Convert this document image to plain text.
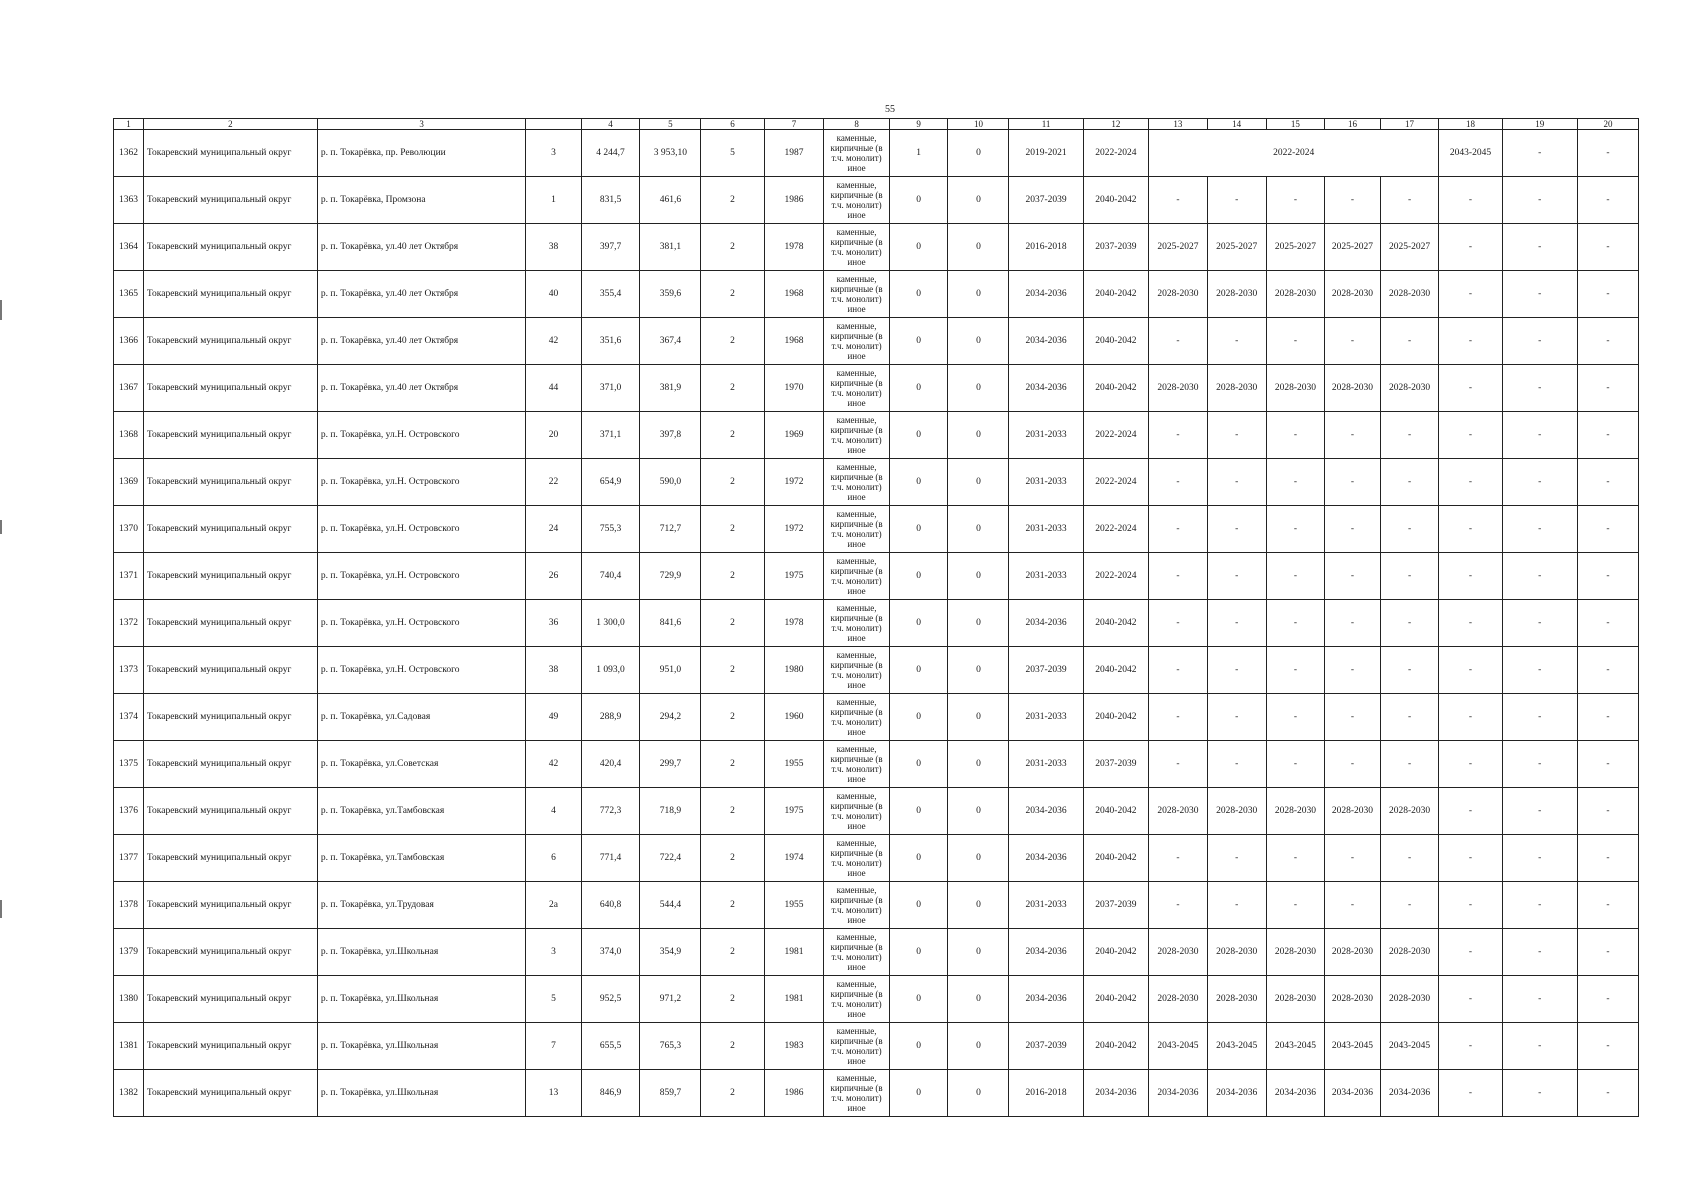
55
1	2	3		4	5	6	7	8	9	10	11	12	13	14	15	16	17	18	19	20
1362	Токаревский муниципальный округ	р. п. Токарёвка, пр. Революции	3	4 244,7	3 953,10	5	1987	каменные, кирпичные (в т.ч. монолит) иное	1	0	2019-2021	2022-2024	2022-2024					2043-2045	-	-
1363	Токаревский муниципальный округ	р. п. Токарёвка, Промзона	1	831,5	461,6	2	1986	каменные, кирпичные (в т.ч. монолит) иное	0	0	2037-2039	2040-2042	-	-	-	-	-	-	-	-
1364	Токаревский муниципальный округ	р. п. Токарёвка, ул.40 лет Октября	38	397,7	381,1	2	1978	каменные, кирпичные (в т.ч. монолит) иное	0	0	2016-2018	2037-2039	2025-2027	2025-2027	2025-2027	2025-2027	2025-2027	-	-	-
1365	Токаревский муниципальный округ	р. п. Токарёвка, ул.40 лет Октября	40	355,4	359,6	2	1968	каменные, кирпичные (в т.ч. монолит) иное	0	0	2034-2036	2040-2042	2028-2030	2028-2030	2028-2030	2028-2030	2028-2030	-	-	-
1366	Токаревский муниципальный округ	р. п. Токарёвка, ул.40 лет Октября	42	351,6	367,4	2	1968	каменные, кирпичные (в т.ч. монолит) иное	0	0	2034-2036	2040-2042	-	-	-	-	-	-	-	-
1367	Токаревский муниципальный округ	р. п. Токарёвка, ул.40 лет Октября	44	371,0	381,9	2	1970	каменные, кирпичные (в т.ч. монолит) иное	0	0	2034-2036	2040-2042	2028-2030	2028-2030	2028-2030	2028-2030	2028-2030	-	-	-
1368	Токаревский муниципальный округ	р. п. Токарёвка, ул.Н. Островского	20	371,1	397,8	2	1969	каменные, кирпичные (в т.ч. монолит) иное	0	0	2031-2033	2022-2024	-	-	-	-	-	-	-	-
1369	Токаревский муниципальный округ	р. п. Токарёвка, ул.Н. Островского	22	654,9	590,0	2	1972	каменные, кирпичные (в т.ч. монолит) иное	0	0	2031-2033	2022-2024	-	-	-	-	-	-	-	-
1370	Токаревский муниципальный округ	р. п. Токарёвка, ул.Н. Островского	24	755,3	712,7	2	1972	каменные, кирпичные (в т.ч. монолит) иное	0	0	2031-2033	2022-2024	-	-	-	-	-	-	-	-
1371	Токаревский муниципальный округ	р. п. Токарёвка, ул.Н. Островского	26	740,4	729,9	2	1975	каменные, кирпичные (в т.ч. монолит) иное	0	0	2031-2033	2022-2024	-	-	-	-	-	-	-	-
1372	Токаревский муниципальный округ	р. п. Токарёвка, ул.Н. Островского	36	1 300,0	841,6	2	1978	каменные, кирпичные (в т.ч. монолит) иное	0	0	2034-2036	2040-2042	-	-	-	-	-	-	-	-
1373	Токаревский муниципальный округ	р. п. Токарёвка, ул.Н. Островского	38	1 093,0	951,0	2	1980	каменные, кирпичные (в т.ч. монолит) иное	0	0	2037-2039	2040-2042	-	-	-	-	-	-	-	-
1374	Токаревский муниципальный округ	р. п. Токарёвка, ул.Садовая	49	288,9	294,2	2	1960	каменные, кирпичные (в т.ч. монолит) иное	0	0	2031-2033	2040-2042	-	-	-	-	-	-	-	-
1375	Токаревский муниципальный округ	р. п. Токарёвка, ул.Советская	42	420,4	299,7	2	1955	каменные, кирпичные (в т.ч. монолит) иное	0	0	2031-2033	2037-2039	-	-	-	-	-	-	-	-
1376	Токаревский муниципальный округ	р. п. Токарёвка, ул.Тамбовская	4	772,3	718,9	2	1975	каменные, кирпичные (в т.ч. монолит) иное	0	0	2034-2036	2040-2042	2028-2030	2028-2030	2028-2030	2028-2030	2028-2030	-	-	-
1377	Токаревский муниципальный округ	р. п. Токарёвка, ул.Тамбовская	6	771,4	722,4	2	1974	каменные, кирпичные (в т.ч. монолит) иное	0	0	2034-2036	2040-2042	-	-	-	-	-	-	-	-
1378	Токаревский муниципальный округ	р. п. Токарёвка, ул.Трудовая	2а	640,8	544,4	2	1955	каменные, кирпичные (в т.ч. монолит) иное	0	0	2031-2033	2037-2039	-	-	-	-	-	-	-	-
1379	Токаревский муниципальный округ	р. п. Токарёвка, ул.Школьная	3	374,0	354,9	2	1981	каменные, кирпичные (в т.ч. монолит) иное	0	0	2034-2036	2040-2042	2028-2030	2028-2030	2028-2030	2028-2030	2028-2030	-	-	-
1380	Токаревский муниципальный округ	р. п. Токарёвка, ул.Школьная	5	952,5	971,2	2	1981	каменные, кирпичные (в т.ч. монолит) иное	0	0	2034-2036	2040-2042	2028-2030	2028-2030	2028-2030	2028-2030	2028-2030	-	-	-
1381	Токаревский муниципальный округ	р. п. Токарёвка, ул.Школьная	7	655,5	765,3	2	1983	каменные, кирпичные (в т.ч. монолит) иное	0	0	2037-2039	2040-2042	2043-2045	2043-2045	2043-2045	2043-2045	2043-2045	-	-	-
1382	Токаревский муниципальный округ	р. п. Токарёвка, ул.Школьная	13	846,9	859,7	2	1986	каменные, кирпичные (в т.ч. монолит) иное	0	0	2016-2018	2034-2036	2034-2036	2034-2036	2034-2036	2034-2036	2034-2036	-	-	-
